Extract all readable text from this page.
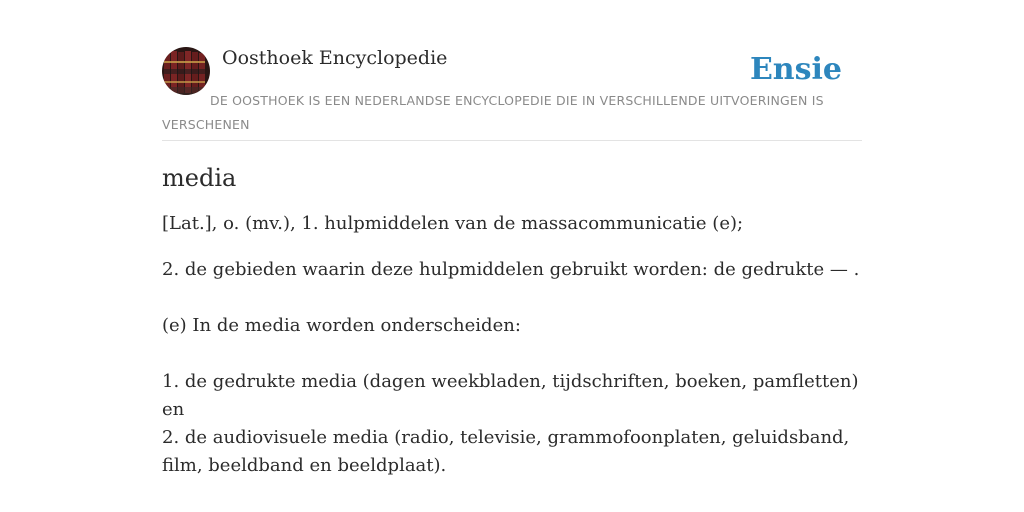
Oosthoek Encyclopedie	Ensie
DE OOSTHOEK IS EEN NEDERLANDSE ENCYCLOPEDIE DIE IN VERSCHILLENDE UITVOERINGEN IS VERSCHENEN
media

[Lat.], o. (mv.), 1. hulpmiddelen van de massacommunicatie (e);

2. de gebieden waarin deze hulpmiddelen gebruikt worden: de gedrukte — .

(e) In de media worden onderscheiden:

1. de gedrukte media (dagen weekbladen, tijdschriften, boeken, pamfletten) en

2. de audiovisuele media (radio, televisie, grammofoonplaten, geluidsband, film, beeldband en beeldplaat).
